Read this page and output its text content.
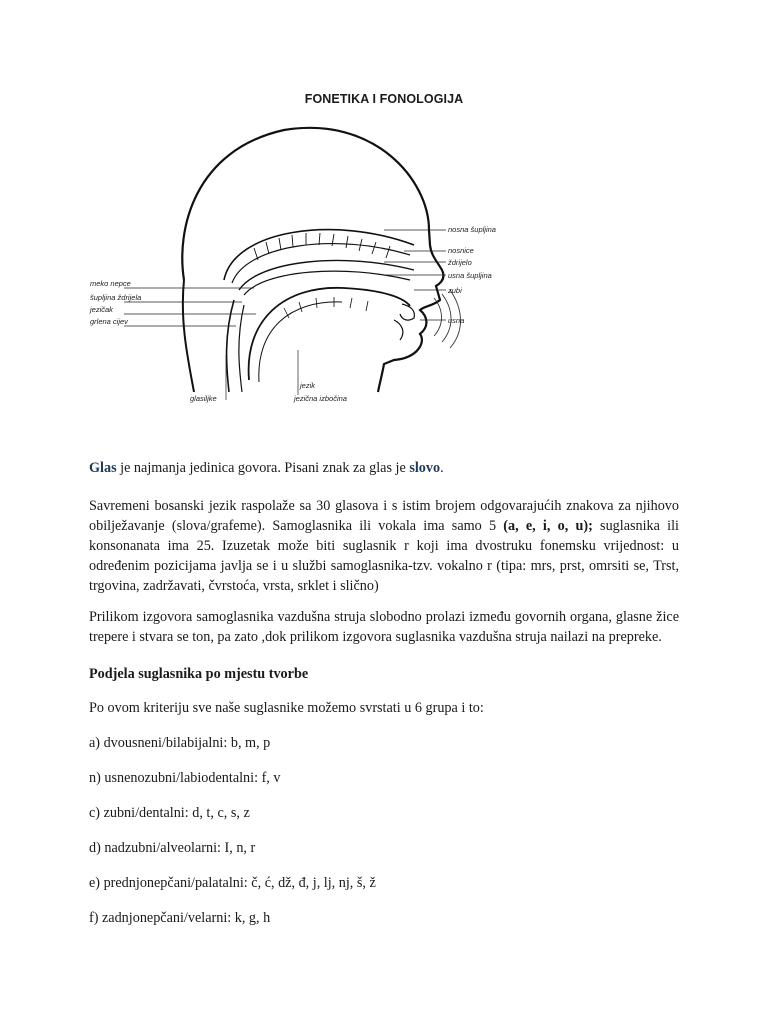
FONETIKA I FONOLOGIJA
nosna šupljina
nosnice
ždrijelo
usna šupljina
zubi
usna
meko nepce
šupljina ždrijela
jezičak
grlena cijev
glasiljke
jezik
jezična izbočina

Glas je najmanja jedinica govora. Pisani znak za glas je slovo.

Savremeni bosanski jezik raspolaže sa 30 glasova i s istim brojem odgovarajućih znakova za njihovo obilježavanje (slova/grafeme). Samoglasnika ili vokala ima samo 5 (a, e, i, o, u); suglasnika ili konsonanata ima 25. Izuzetak može biti suglasnik r koji ima dvostruku fonemsku vrijednost: u određenim pozicijama javlja se i u službi samoglasnika-tzv. vokalno r (tipa: mrs, prst, omrsiti se, Trst, trgovina, zadržavati, čvrstoća, vrsta, srklet i slično)

Prilikom izgovora samoglasnika vazdušna struja slobodno prolazi između govornih organa, glasne žice trepere i stvara se ton, pa zato ,dok prilikom izgovora suglasnika vazdušna struja nailazi na prepreke.

Podjela suglasnika po mjestu tvorbe

Po ovom kriteriju sve naše suglasnike možemo svrstati u 6 grupa i to:

a) dvousneni/bilabijalni: b, m, p
n) usnenozubni/labiodentalni: f, v
c) zubni/dentalni: d, t, c, s, z
d) nadzubni/alveolarni: I, n, r
e) prednjonepčani/palatalni: č, ć, dž, đ, j, lj, nj, š, ž
f) zadnjonepčani/velarni: k, g, h
